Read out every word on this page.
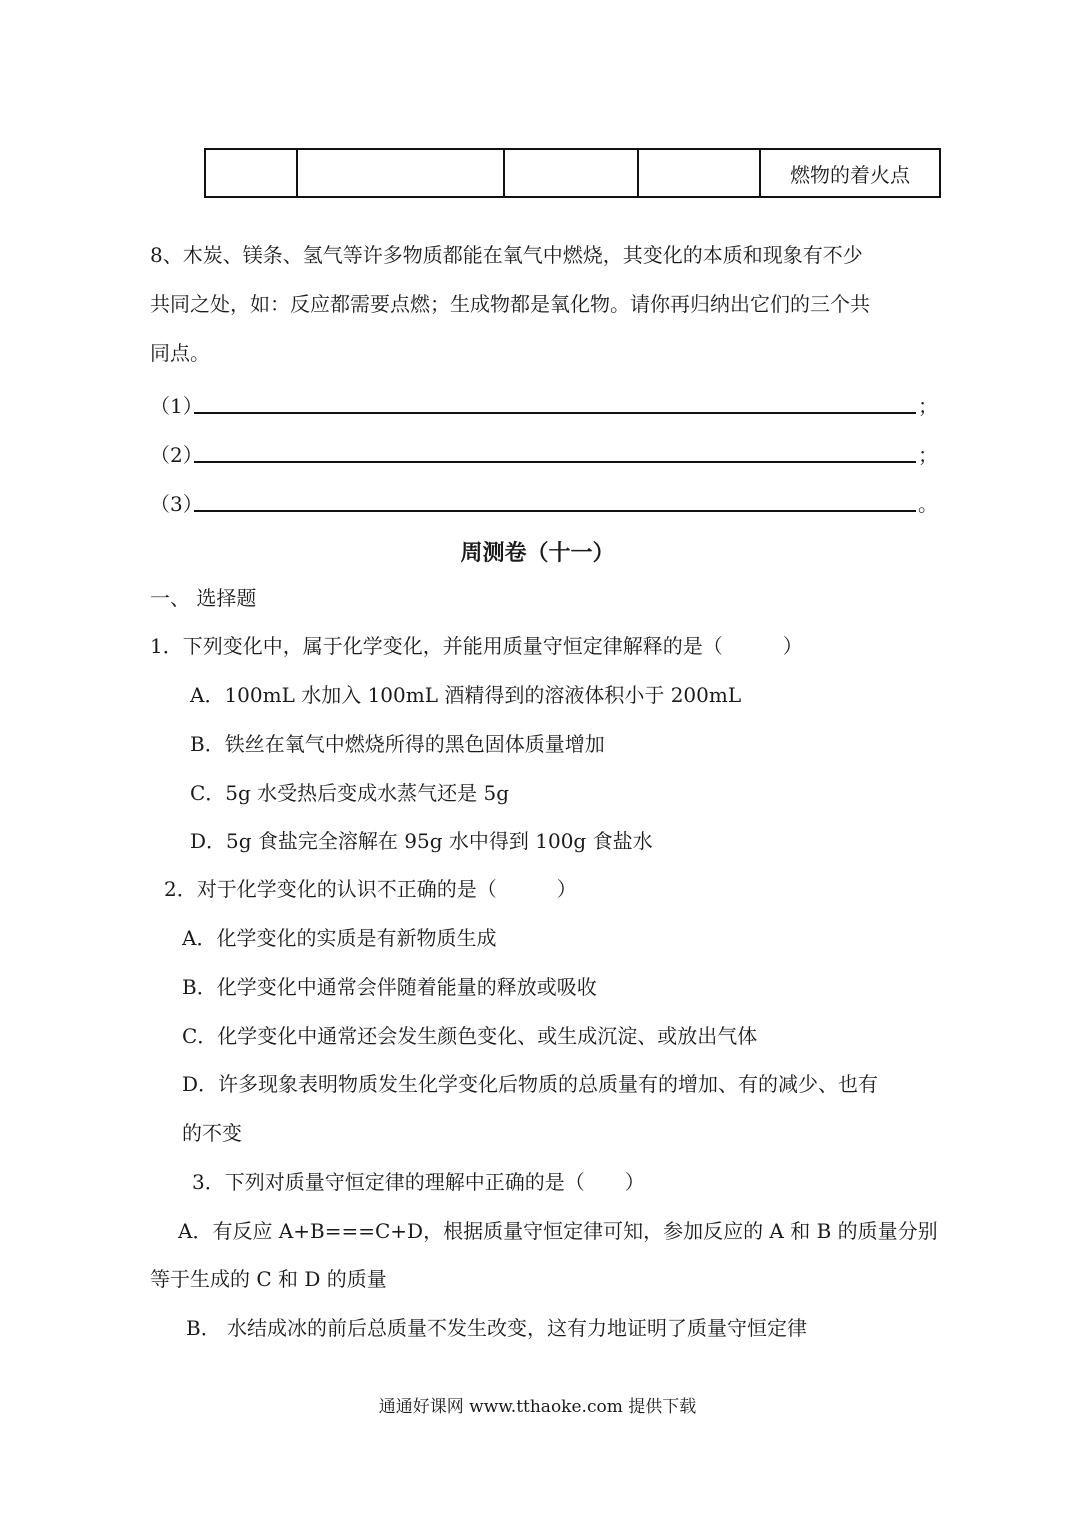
				燃物的着火点
8、木炭、镁条、氢气等许多物质都能在氧气中燃烧，其变化的本质和现象有不少
共同之处，如：反应都需要点燃；生成物都是氧化物。请你再归纳出它们的三个共
同点。
（1）	；
（2）	；
（3）	。
周测卷（十一）
一、 选择题
1．下列变化中，属于化学变化，并能用质量守恒定律解释的是（　　　）
A．100mL 水加入 100mL 酒精得到的溶液体积小于 200mL
B．铁丝在氧气中燃烧所得的黑色固体质量增加
C．5g 水受热后变成水蒸气还是 5g
D．5g 食盐完全溶解在 95g 水中得到 100g 食盐水
2．对于化学变化的认识不正确的是（　　　）
A．化学变化的实质是有新物质生成
B．化学变化中通常会伴随着能量的释放或吸收
C．化学变化中通常还会发生颜色变化、或生成沉淀、或放出气体
D．许多现象表明物质发生化学变化后物质的总质量有的增加、有的减少、也有
的不变
3．下列对质量守恒定律的理解中正确的是（　　）
A．有反应 A+B===C+D，根据质量守恒定律可知，参加反应的 A 和 B 的质量分别
等于生成的 C 和 D 的质量
B． 水结成冰的前后总质量不发生改变，这有力地证明了质量守恒定律
通通好课网 www.tthaoke.com 提供下载
